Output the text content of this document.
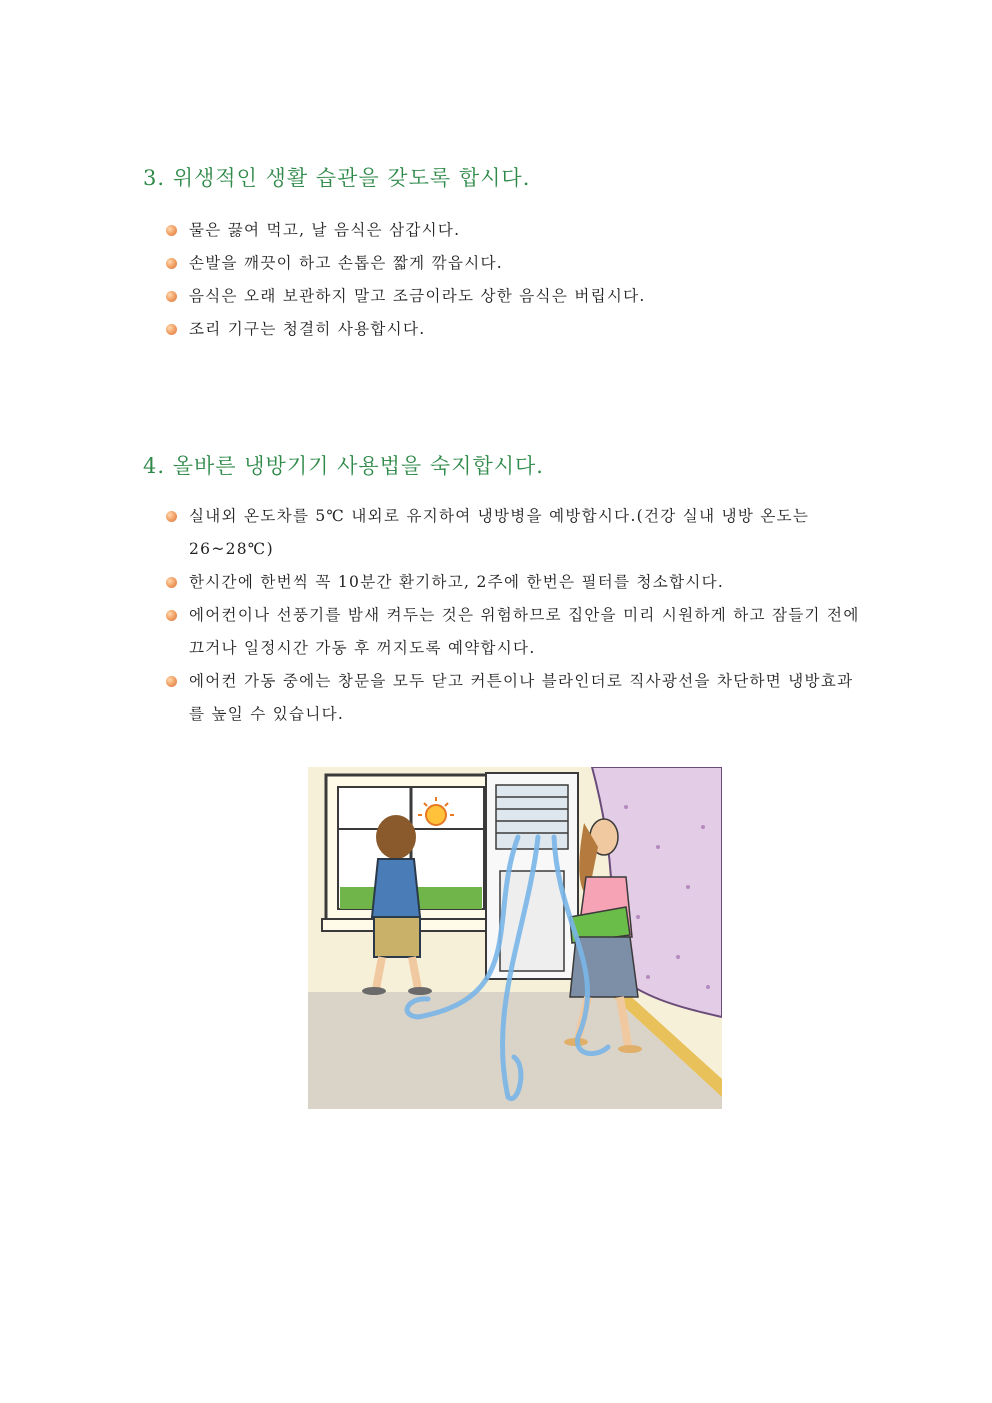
3. 위생적인 생활 습관을 갖도록 합시다.
물은 끓여 먹고, 날 음식은 삼갑시다.
손발을 깨끗이 하고 손톱은 짧게 깎읍시다.
음식은 오래 보관하지 말고 조금이라도 상한 음식은 버립시다.
조리 기구는 청결히 사용합시다.
4. 올바른 냉방기기 사용법을 숙지합시다.
실내외 온도차를 5℃ 내외로 유지하여 냉방병을 예방합시다.(건강 실내 냉방 온도는 26~28℃)
한시간에 한번씩 꼭 10분간 환기하고, 2주에 한번은 필터를 청소합시다.
에어컨이나 선풍기를 밤새 켜두는 것은 위험하므로 집안을 미리 시원하게 하고 잠들기 전에 끄거나 일정시간 가동 후 꺼지도록 예약합시다.
에어컨 가동 중에는 창문을 모두 닫고 커튼이나 블라인더로 직사광선을 차단하면 냉방효과를 높일 수 있습니다.
